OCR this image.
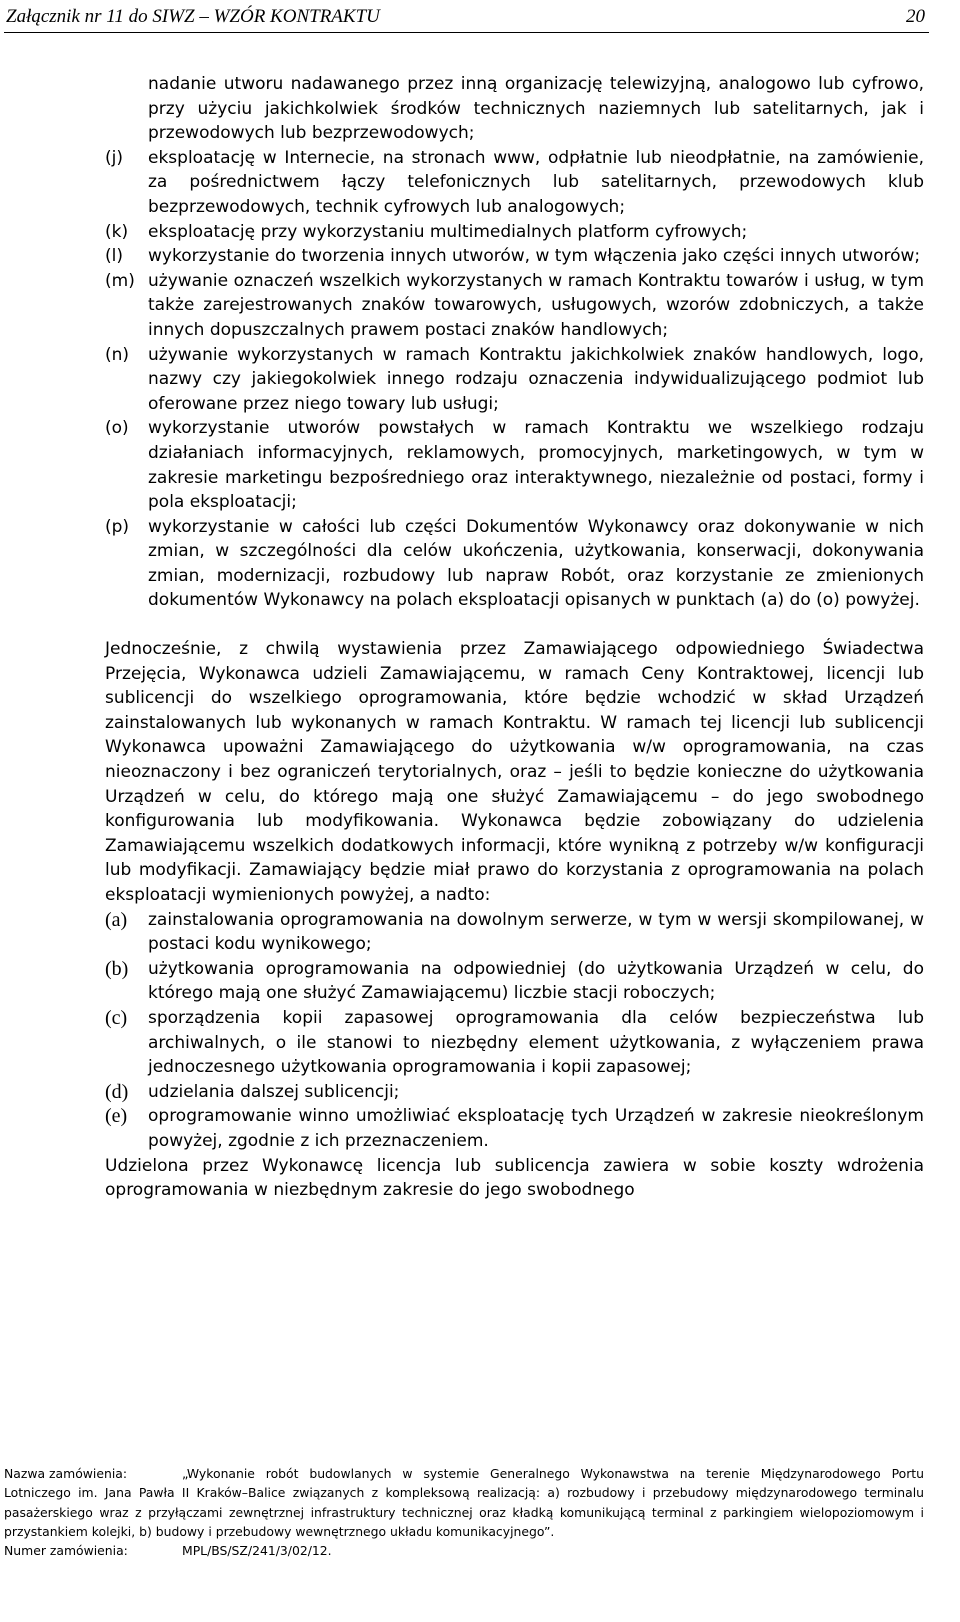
Załącznik nr 11 do SIWZ – WZÓR KONTRAKTU	20
nadanie utworu nadawanego przez inną organizację telewizyjną, analogowo lub cyfrowo, przy użyciu jakichkolwiek środków technicznych naziemnych lub satelitarnych, jak i przewodowych lub bezprzewodowych;
(j) eksploatację w Internecie, na stronach www, odpłatnie lub nieodpłatnie, na zamówienie, za pośrednictwem łączy telefonicznych lub satelitarnych, przewodowych klub bezprzewodowych, technik cyfrowych lub analogowych;
(k) eksploatację przy wykorzystaniu multimedialnych platform cyfrowych;
(l) wykorzystanie do tworzenia innych utworów, w tym włączenia jako części innych utworów;
(m) używanie oznaczeń wszelkich wykorzystanych w ramach Kontraktu towarów i usług, w tym także zarejestrowanych znaków towarowych, usługowych, wzorów zdobniczych, a także innych dopuszczalnych prawem postaci znaków handlowych;
(n) używanie wykorzystanych w ramach Kontraktu jakichkolwiek znaków handlowych, logo, nazwy czy jakiegokolwiek innego rodzaju oznaczenia indywidualizującego podmiot lub oferowane przez niego towary lub usługi;
(o) wykorzystanie utworów powstałych w ramach Kontraktu we wszelkiego rodzaju działaniach informacyjnych, reklamowych, promocyjnych, marketingowych, w tym w zakresie marketingu bezpośredniego oraz interaktywnego, niezależnie od postaci, formy i pola eksploatacji;
(p) wykorzystanie w całości lub części Dokumentów Wykonawcy oraz dokonywanie w nich zmian, w szczególności dla celów ukończenia, użytkowania, konserwacji, dokonywania zmian, modernizacji, rozbudowy lub napraw Robót, oraz korzystanie ze zmienionych dokumentów Wykonawcy na polach eksploatacji opisanych w punktach (a) do (o) powyżej.
Jednocześnie, z chwilą wystawienia przez Zamawiającego odpowiedniego Świadectwa Przejęcia, Wykonawca udzieli Zamawiającemu, w ramach Ceny Kontraktowej, licencji lub sublicencji do wszelkiego oprogramowania, które będzie wchodzić w skład Urządzeń zainstalowanych lub wykonanych w ramach Kontraktu. W ramach tej licencji lub sublicencji Wykonawca upoważni Zamawiającego do użytkowania w/w oprogramowania, na czas nieoznaczony i bez ograniczeń terytorialnych, oraz – jeśli to będzie konieczne do użytkowania Urządzeń w celu, do którego mają one służyć Zamawiającemu – do jego swobodnego konfigurowania lub modyfikowania. Wykonawca będzie zobowiązany do udzielenia Zamawiającemu wszelkich dodatkowych informacji, które wynikną z potrzeby w/w konfiguracji lub modyfikacji. Zamawiający będzie miał prawo do korzystania z oprogramowania na polach eksploatacji wymienionych powyżej, a nadto:
(a) zainstalowania oprogramowania na dowolnym serwerze, w tym w wersji skompilowanej, w postaci kodu wynikowego;
(b) użytkowania oprogramowania na odpowiedniej (do użytkowania Urządzeń w celu, do którego mają one służyć Zamawiającemu) liczbie stacji roboczych;
(c) sporządzenia kopii zapasowej oprogramowania dla celów bezpieczeństwa lub archiwalnych, o ile stanowi to niezbędny element użytkowania, z wyłączeniem prawa jednoczesnego użytkowania oprogramowania i kopii zapasowej;
(d) udzielania dalszej sublicencji;
(e) oprogramowanie winno umożliwiać eksploatację tych Urządzeń w zakresie nieokreślonym powyżej, zgodnie z ich przeznaczeniem.
Udzielona przez Wykonawcę licencja lub sublicencja zawiera w sobie koszty wdrożenia oprogramowania w niezbędnym zakresie do jego swobodnego
Nazwa zamówienia:	„Wykonanie robót budowlanych w systemie Generalnego Wykonawstwa na terenie Międzynarodowego Portu Lotniczego im. Jana Pawła II Kraków–Balice związanych z kompleksową realizacją: a) rozbudowy i przebudowy międzynarodowego terminalu pasażerskiego wraz z przyłączami zewnętrznej infrastruktury technicznej oraz kładką komunikującą terminal z parkingiem wielopoziomowym i przystankiem kolejki, b) budowy i przebudowy wewnętrznego układu komunikacyjnego”.
Numer zamówienia:	MPL/BS/SZ/241/3/02/12.
